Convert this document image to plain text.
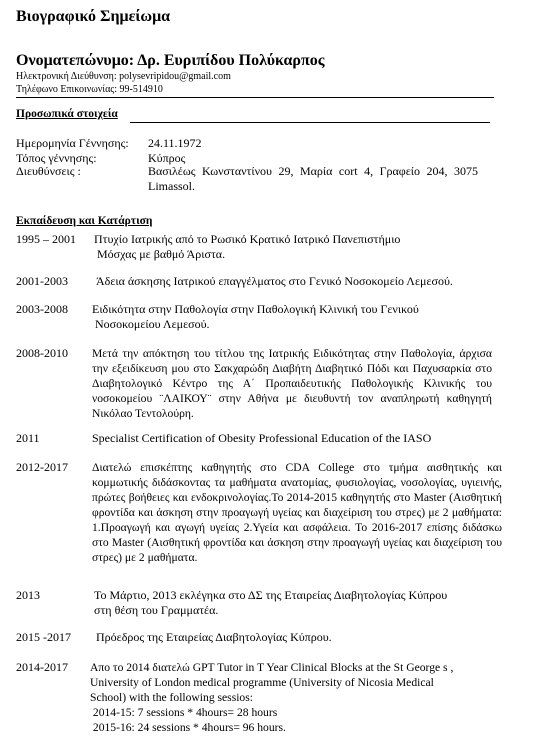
Βιογραφικό Σημείωμα
Ονοματεπώνυμο: Δρ. Ευριπίδου Πολύκαρπος
Ηλεκτρονική Διεύθυνση: polysevripidou@gmail.com
Τηλέφωνο Επικοινωνίας: 99-514910
Προσωπικά στοιχεία
Ημερομηνία Γέννησης: 24.11.1972
Τόπος γέννησης:	Κύπρος
Διευθύνσεις :	Βασιλέως Κωνσταντίνου 29, Μαρία cort 4, Γραφείο 204, 3075 Limassol.
Εκπαίδευση και Κατάρτιση
1995 – 2001 Πτυχίο Ιατρικής από το Ρωσικό Κρατικό Ιατρικό Πανεπιστήμιο

Μόσχας με βαθμό Άριστα.

2001-2003 Άδεια άσκησης Ιατρικού επαγγέλματος στο Γενικό Νοσοκομείο Λεμεσού.
2003-2008 Ειδικότητα στην Παθολογία στην Παθολογική Κλινική του Γενικού

Νοσοκομείου Λεμεσού.

2008-2010 Μετά την απόκτηση του τίτλου της Ιατρικής Ειδικότητας στην Παθολογία, άρχισα την εξειδίκευση μου στο Σακχαρώδη Διαβήτη Διαβητικό Πόδι και Παχυσαρκία στο Διαβητολογικό Κέντρο της Α΄ Προπαιδευτικής Παθολογικής Κλινικής του νοσοκομείου ¨ΛΑΙΚΟΥ¨ στην Αθήνα με διευθυντή τον αναπληρωτή καθηγητή Νικόλαο Τεντολούρη.
2011	Specialist Certification of Obesity Professional Education of the IASO
2012-2017 Διατελώ επισκέπτης καθηγητής στο CDA College στο τμήμα αισθητικής και κομμωτικής διδάσκοντας τα μαθήματα ανατομίας, φυσιολογίας, νοσολογίας, υγιεινής, πρώτες βοήθειες και ενδοκρινολογίας.Το 2014-2015 καθηγητής στο Master (Αισθητική φροντίδα και άσκηση στην προαγωγή υγείας και διαχείριση του στρες) με 2 μαθήματα: 1.Προαγωγή και αγωγή υγείας 2.Υγεία και ασφάλεια. Το 2016-2017 επίσης διδάσκω στο Master (Αισθητική φροντίδα και άσκηση στην προαγωγή υγείας και διαχείριση του στρες) με 2 μαθήματα.
2013	Το Μάρτιο, 2013 εκλέγηκα στο ΔΣ της Εταιρείας Διαβητολογίας Κύπρου

στη θέση του Γραμματέα.

2015 -2017 Πρόεδρος της Εταιρείας Διαβητολογίας Κύπρου.
2014-2017 Απο το 2014 διατελώ GPT Tutor in T Year Clinical Blocks at the St George s ,

University of London medical programme (University of Nicosia Medical

School) with the following sessios:

2014-15: 7 sessions * 4hours= 28 hours

2015-16: 24 sessions * 4hours= 96 hours.
